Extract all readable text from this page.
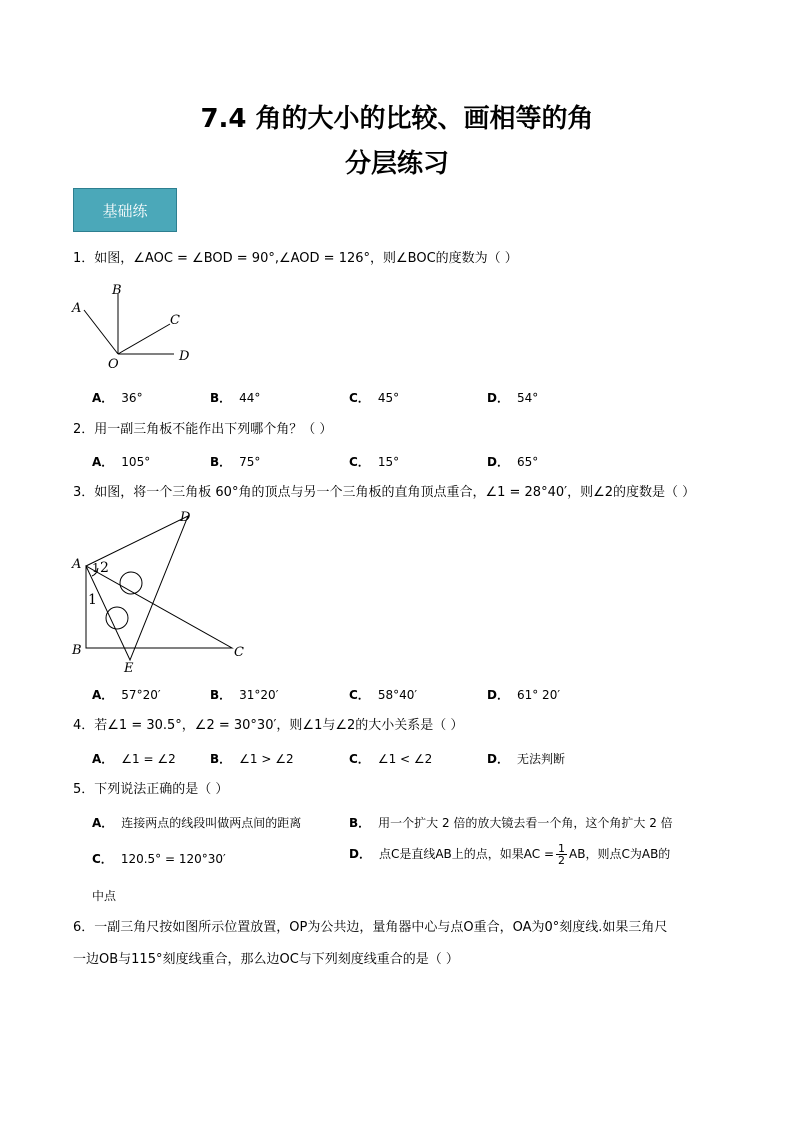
7.4 角的大小的比较、画相等的角
分层练习
基础练
1．如图，∠AOC = ∠BOD = 90°,∠AOD = 126°，则∠BOC的度数为（ ）
A
B
C
D
O
A． 36°	B． 44°	C． 45°	D． 54°
2．用一副三角板不能作出下列哪个角？（ ）
A． 105°	B． 75°	C． 15°	D． 65°
3．如图，将一个三角板 60°角的顶点与另一个三角板的直角顶点重合，∠1 = 28°40′，则∠2的度数是（ ）
D
A 1 2
1
B
E
C
A． 57°20′	B． 31°20′	C． 58°40′	D． 61° 20′
4．若∠1 = 30.5°，∠2 = 30°30′，则∠1与∠2的大小关系是（ ）
A． ∠1 = ∠2	B． ∠1 > ∠2	C． ∠1 < ∠2	D． 无法判断
5．下列说法正确的是（ ）
A． 连接两点的线段叫做两点间的距离	B． 用一个扩大 2 倍的放大镜去看一个角，这个角扩大 2 倍
C． 120.5° = 120°30′	D． 点C是直线AB上的点，如果AC = $\frac{1}{2}$ AB，则点C为AB的
中点
6．一副三角尺按如图所示位置放置，OP为公共边，量角器中心与点O重合，OA为0°刻度线.如果三角尺
一边OB与115°刻度线重合，那么边OC与下列刻度线重合的是（ ）
